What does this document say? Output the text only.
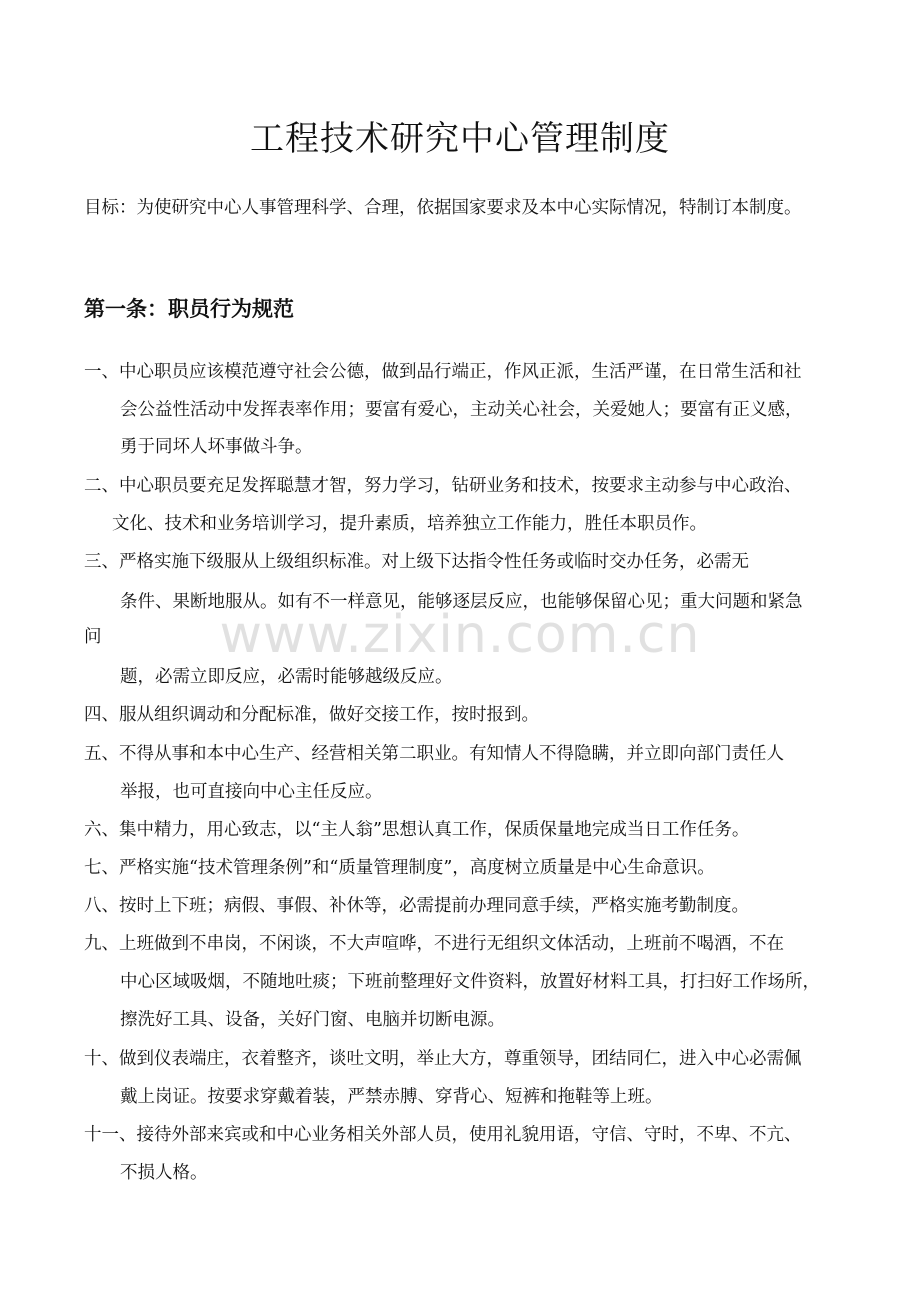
工程技术研究中心管理制度

目标：为使研究中心人事管理科学、合理，依据国家要求及本中心实际情况，特制订本制度。

第一条：职员行为规范

一、中心职员应该模范遵守社会公德，做到品行端正，作风正派，生活严谨，在日常生活和社

会公益性活动中发挥表率作用；要富有爱心，主动关心社会，关爱她人；要富有正义感，

勇于同坏人坏事做斗争。

二、中心职员要充足发挥聪慧才智，努力学习，钻研业务和技术，按要求主动参与中心政治、

文化、技术和业务培训学习，提升素质，培养独立工作能力，胜任本职员作。

三、严格实施下级服从上级组织标准。对上级下达指令性任务或临时交办任务，必需无

条件、果断地服从。如有不一样意见，能够逐层反应，也能够保留心见；重大问题和紧急

问

题，必需立即反应，必需时能够越级反应。

四、服从组织调动和分配标准，做好交接工作，按时报到。

五、不得从事和本中心生产、经营相关第二职业。有知情人不得隐瞒，并立即向部门责任人

举报，也可直接向中心主任反应。

六、集中精力，用心致志，以“主人翁”思想认真工作，保质保量地完成当日工作任务。

七、严格实施“技术管理条例”和“质量管理制度”，高度树立质量是中心生命意识。

八、按时上下班；病假、事假、补休等，必需提前办理同意手续，严格实施考勤制度。

九、上班做到不串岗，不闲谈，不大声喧哗，不进行无组织文体活动，上班前不喝酒，不在

中心区域吸烟，不随地吐痰；下班前整理好文件资料，放置好材料工具，打扫好工作场所，

擦洗好工具、设备，关好门窗、电脑并切断电源。

十、做到仪表端庄，衣着整齐，谈吐文明，举止大方，尊重领导，团结同仁，进入中心必需佩

戴上岗证。按要求穿戴着装，严禁赤膊、穿背心、短裤和拖鞋等上班。

十一、接待外部来宾或和中心业务相关外部人员，使用礼貌用语，守信、守时，不卑、不亢、

不损人格。

www.zixin.com.cn
